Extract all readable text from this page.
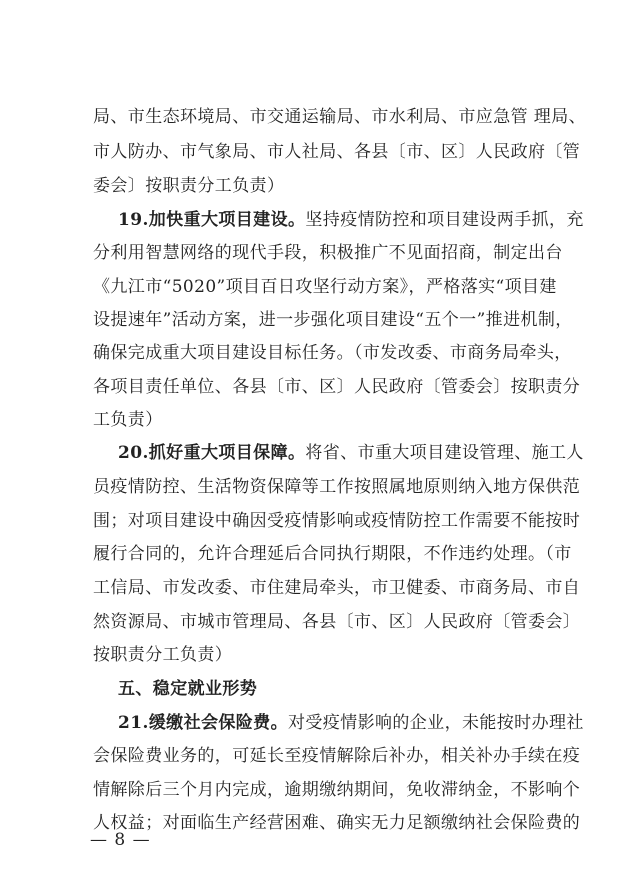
局、市生态环境局、市交通运输局、市水利局、市应急管 理局、
市人防办、市气象局、市人社局、各县〔市、区〕人民政府〔管
委会〕按职责分工负责）
19.加快重大项目建设。坚持疫情防控和项目建设两手抓，充
分利用智慧网络的现代手段，积极推广不见面招商，制定出台
《九江市“5020”项目百日攻坚行动方案》，严格落实“项目建
设提速年”活动方案，进一步强化项目建设“五个一”推进机制，
确保完成重大项目建设目标任务。（市发改委、市商务局牵头，
各项目责任单位、各县〔市、区〕人民政府〔管委会〕按职责分
工负责）
20.抓好重大项目保障。将省、市重大项目建设管理、施工人
员疫情防控、生活物资保障等工作按照属地原则纳入地方保供范
围；对项目建设中确因受疫情影响或疫情防控工作需要不能按时
履行合同的，允许合理延后合同执行期限，不作违约处理。（市
工信局、市发改委、市住建局牵头，市卫健委、市商务局、市自
然资源局、市城市管理局、各县〔市、区〕人民政府〔管委会〕
按职责分工负责）
五、稳定就业形势
21.缓缴社会保险费。对受疫情影响的企业，未能按时办理社
会保险费业务的，可延长至疫情解除后补办，相关补办手续在疫
情解除后三个月内完成，逾期缴纳期间，免收滞纳金，不影响个
人权益；对面临生产经营困难、确实无力足额缴纳社会保险费的
— 8 —
